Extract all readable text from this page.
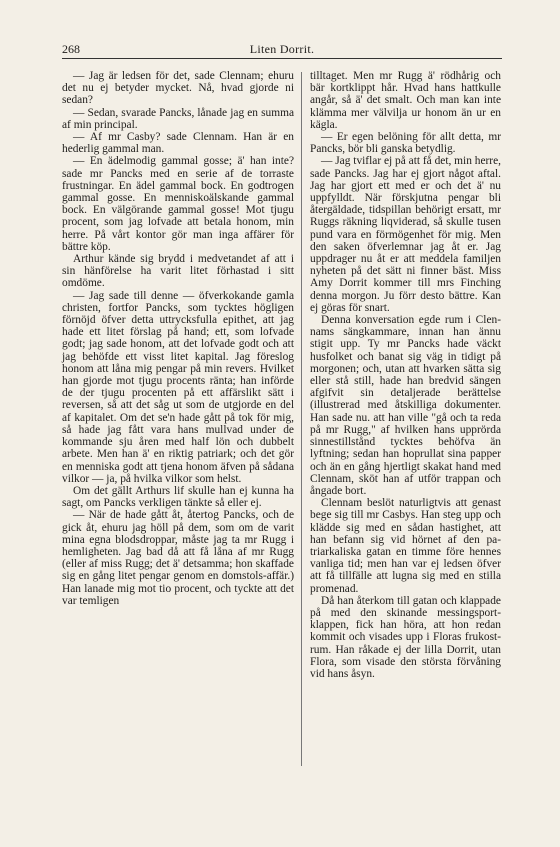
268	Liten Dorrit.

— Jag är ledsen för det, sade Clennam; ehuru det nu ej betyder mycket. Nå, hvad gjorde ni sedan?

— Sedan, svarade Pancks, lånade jag en summa af min principal.

— Af mr Casby? sade Clennam. Han är en hederlig gammal man.

— En ädelmodig gammal gosse; ä' han inte? sade mr Pancks med en serie af de torraste frustningar. En ädel gammal bock. En godtrogen gammal gosse. En menniskoälskande gammal bock. En välgörande gammal gosse! Mot tjugu procent, som jag lofvade att betala honom, min herre. På vårt kontor gör man inga affärer för bättre köp.

Arthur kände sig brydd i medvetandet af att i sin hänförelse ha varit litet förhastad i sitt omdöme.

— Jag sade till denne — öfverkokande gamla christen, fortfor Pancks, som tycktes högligen förnöjd öfver detta uttrycksfulla epithet, att jag hade ett litet förslag på hand; ett, som lofvade godt; jag sade honom, att det lofvade godt och att jag behöfde ett visst litet kapital. Jag föreslog honom att låna mig pengar på min revers. Hvilket han gjorde mot tjugu procents ränta; han införde de der tjugu procenten på ett affärslikt sätt i reversen, så att det såg ut som de utgjorde en del af kapitalet. Om det se'n hade gått på tok för mig, så hade jag fått vara hans mullvad under de kommande sju åren med half lön och dubbelt arbete. Men han ä' en riktig patriark; och det gör en menniska godt att tjena honom äfven på sådana vilkor — ja, på hvilka vilkor som helst.

Om det gällt Arthurs lif skulle han ej kunna ha sagt, om Pancks verkligen tänkte så eller ej.

— När de hade gått åt, återtog Pancks, och de gick åt, ehuru jag höll på dem, som om de varit mina egna blodsdroppar, måste jag ta mr Rugg i hemligheten. Jag bad då att få låna af mr Rugg (eller af miss Rugg; det ä' detsamma; hon skaffade sig en gång litet pengar genom en domstols-affär.) Han lanade mig mot tio procent, och tyckte att det var temligen

tilltaget. Men mr Rugg ä' rödhårig och bär kortklippt hår. Hvad hans hattkulle angår, så ä' det smalt. Och man kan inte klämma mer välvilja ur honom än ur en kägla.

— Er egen belöning för allt detta, mr Pancks, bör bli ganska betydlig.

— Jag tviflar ej på att få det, min herre, sade Pancks. Jag har ej gjort något aftal. Jag har gjort ett med er och det ä' nu uppfylldt. När förskjutna pengar bli återgäldade, tidspillan behörigt ersatt, mr Ruggs räkning liqviderad, så skulle tusen pund vara en förmögenhet för mig. Men den saken öfverlemnar jag åt er. Jag uppdrager nu åt er att meddela familjen nyheten på det sätt ni finner bäst. Miss Amy Dorrit kommer till mrs Finching denna morgon. Ju förr desto bättre. Kan ej göras för snart.

Denna konversation egde rum i Clennams sängkammare, innan han ännu stigit upp. Ty mr Pancks hade väckt husfolket och banat sig väg in tidigt på morgonen; och, utan att hvarken sätta sig eller stå still, hade han bredvid sängen afgifvit sin detaljerade berättelse (illustrerad med åtskilliga dokumenter. Han sade nu. att han ville "gå och ta reda på mr Rugg," af hvilken hans upprörda sinnestillstånd tycktes behöfva än lyftning; sedan han hoprullat sina papper och än en gång hjertligt skakat hand med Clennam, sköt han af utför trappan och ångade bort.

Clennam beslöt naturligtvis att genast bege sig till mr Casbys. Han steg upp och klädde sig med en sådan hastighet, att han befann sig vid hörnet af den patriarkaliska gatan en timme före hennes vanliga tid; men han var ej ledsen öfver att få tillfälle att lugna sig med en stilla promenad.

Då han återkom till gatan och klappade på med den skinande messingsportklappen, fick han höra, att hon redan kommit och visades upp i Floras frukostrum. Han råkade ej der lilla Dorrit, utan Flora, som visade den största förvåning vid hans åsyn.
